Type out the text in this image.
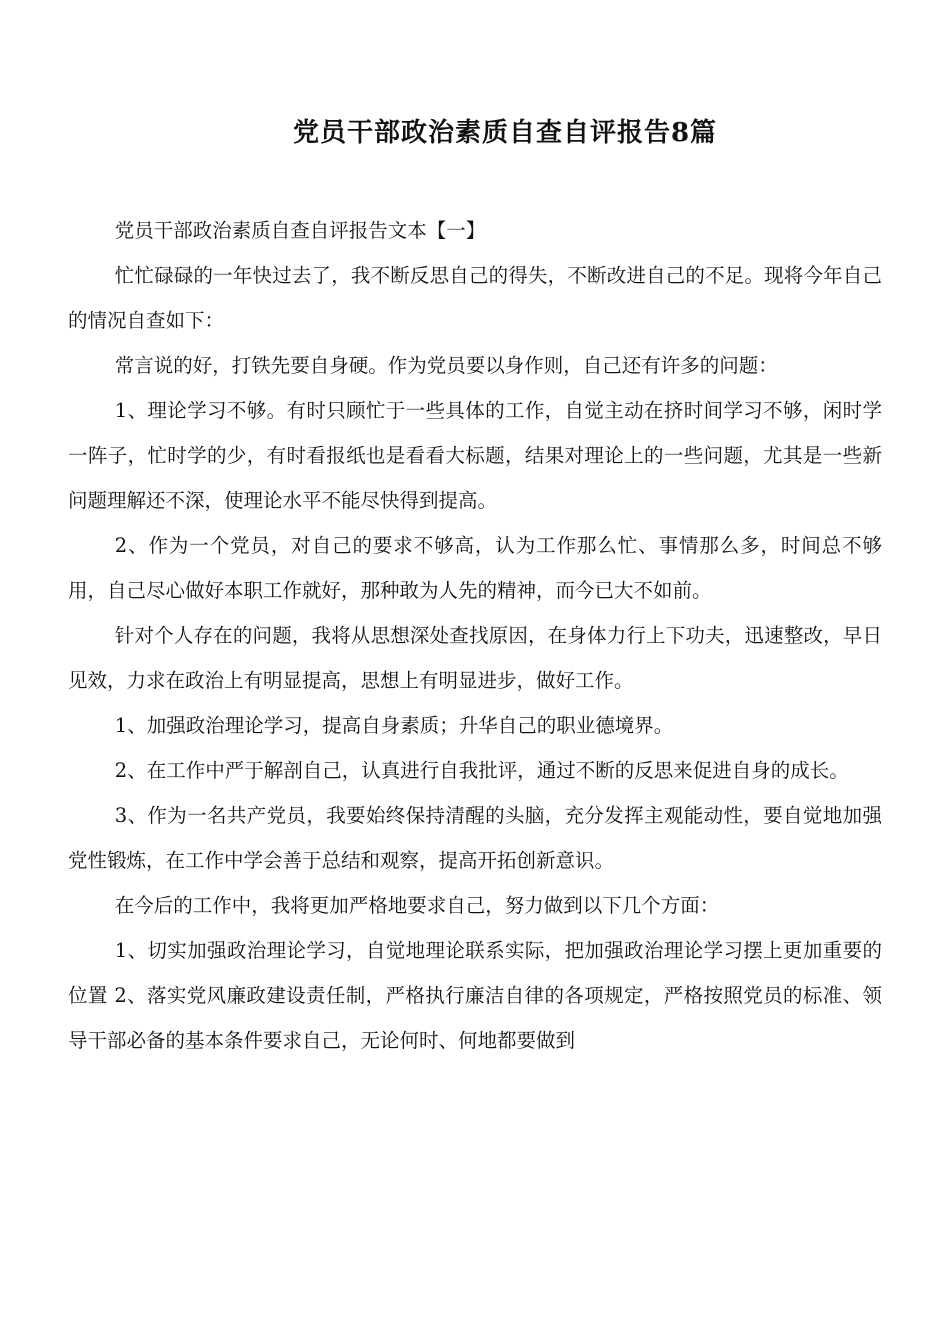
党员干部政治素质自查自评报告8篇

党员干部政治素质自查自评报告文本【一】

忙忙碌碌的一年快过去了，我不断反思自己的得失，不断改进自己的不足。现将今年自己的情况自查如下：

常言说的好，打铁先要自身硬。作为党员要以身作则，自己还有许多的问题：

1、理论学习不够。有时只顾忙于一些具体的工作，自觉主动在挤时间学习不够，闲时学一阵子，忙时学的少，有时看报纸也是看看大标题，结果对理论上的一些问题，尤其是一些新问题理解还不深，使理论水平不能尽快得到提高。

2、作为一个党员，对自己的要求不够高，认为工作那么忙、事情那么多，时间总不够用，自己尽心做好本职工作就好，那种敢为人先的精神，而今已大不如前。

针对个人存在的问题，我将从思想深处查找原因，在身体力行上下功夫，迅速整改，早日见效，力求在政治上有明显提高，思想上有明显进步，做好工作。

1、加强政治理论学习，提高自身素质；升华自己的职业德境界。

2、在工作中严于解剖自己，认真进行自我批评，通过不断的反思来促进自身的成长。

3、作为一名共产党员，我要始终保持清醒的头脑，充分发挥主观能动性，要自觉地加强党性锻炼，在工作中学会善于总结和观察，提高开拓创新意识。

在今后的工作中，我将更加严格地要求自己，努力做到以下几个方面：

1、切实加强政治理论学习，自觉地理论联系实际，把加强政治理论学习摆上更加重要的位置 2、落实党风廉政建设责任制，严格执行廉洁自律的各项规定，严格按照党员的标准、领导干部必备的基本条件要求自己，无论何时、何地都要做到
